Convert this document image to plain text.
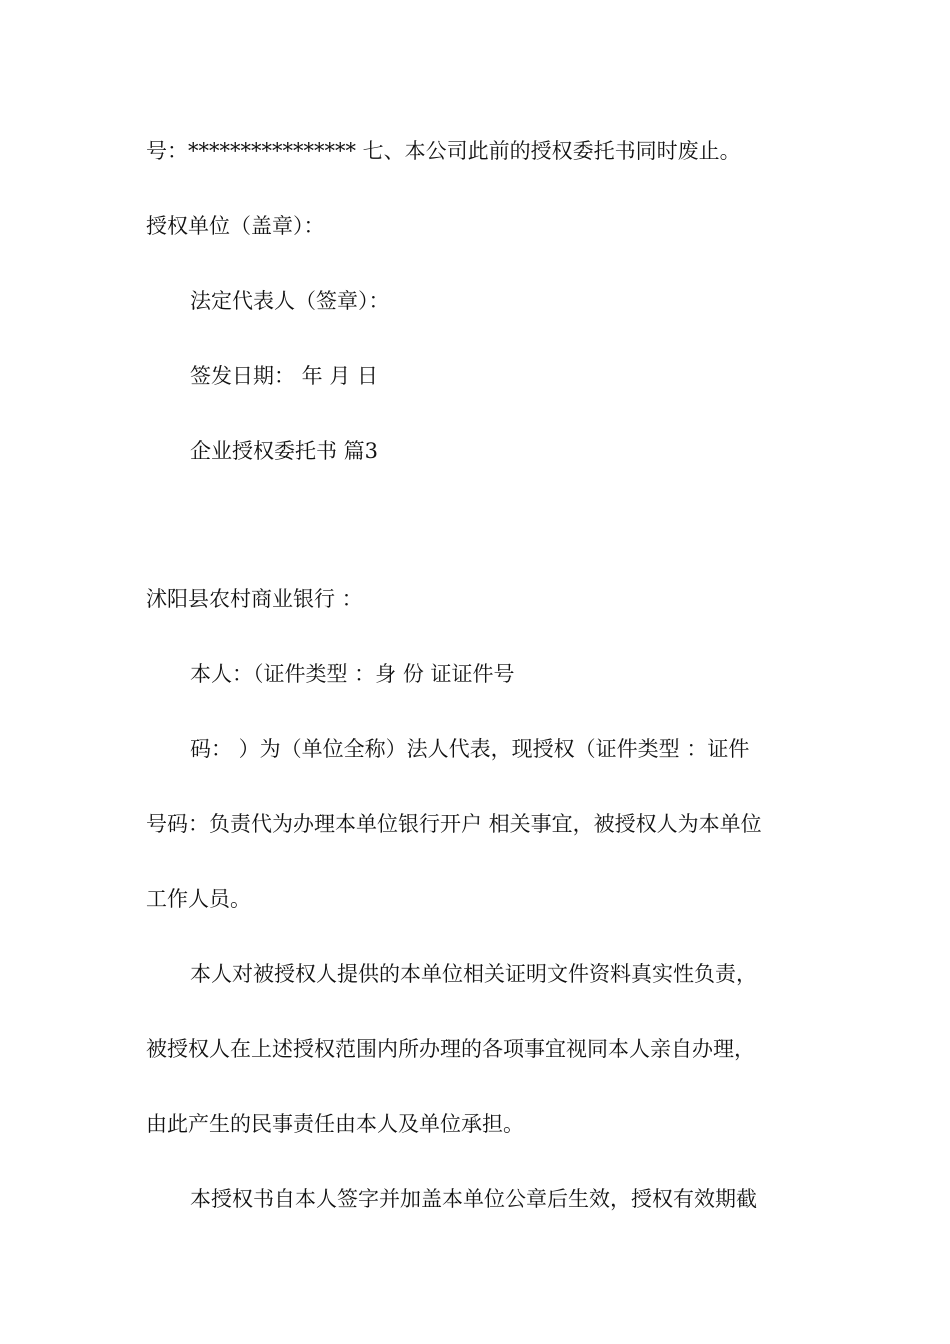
号：**************** 七、本公司此前的授权委托书同时废止。
授权单位（盖章）：
法定代表人（签章）：
签发日期： 年 月 日
企业授权委托书 篇3
沭阳县农村商业银行 ：
本人：（证件类型 ：身 份 证证件号
码： ）为（单位全称）法人代表，现授权（证件类型 ：证件
号码：负责代为办理本单位银行开户 相关事宜，被授权人为本单位
工作人员。
本人对被授权人提供的本单位相关证明文件资料真实性负责，
被授权人在上述授权范围内所办理的各项事宜视同本人亲自办理，
由此产生的民事责任由本人及单位承担。
本授权书自本人签字并加盖本单位公章后生效，授权有效期截
